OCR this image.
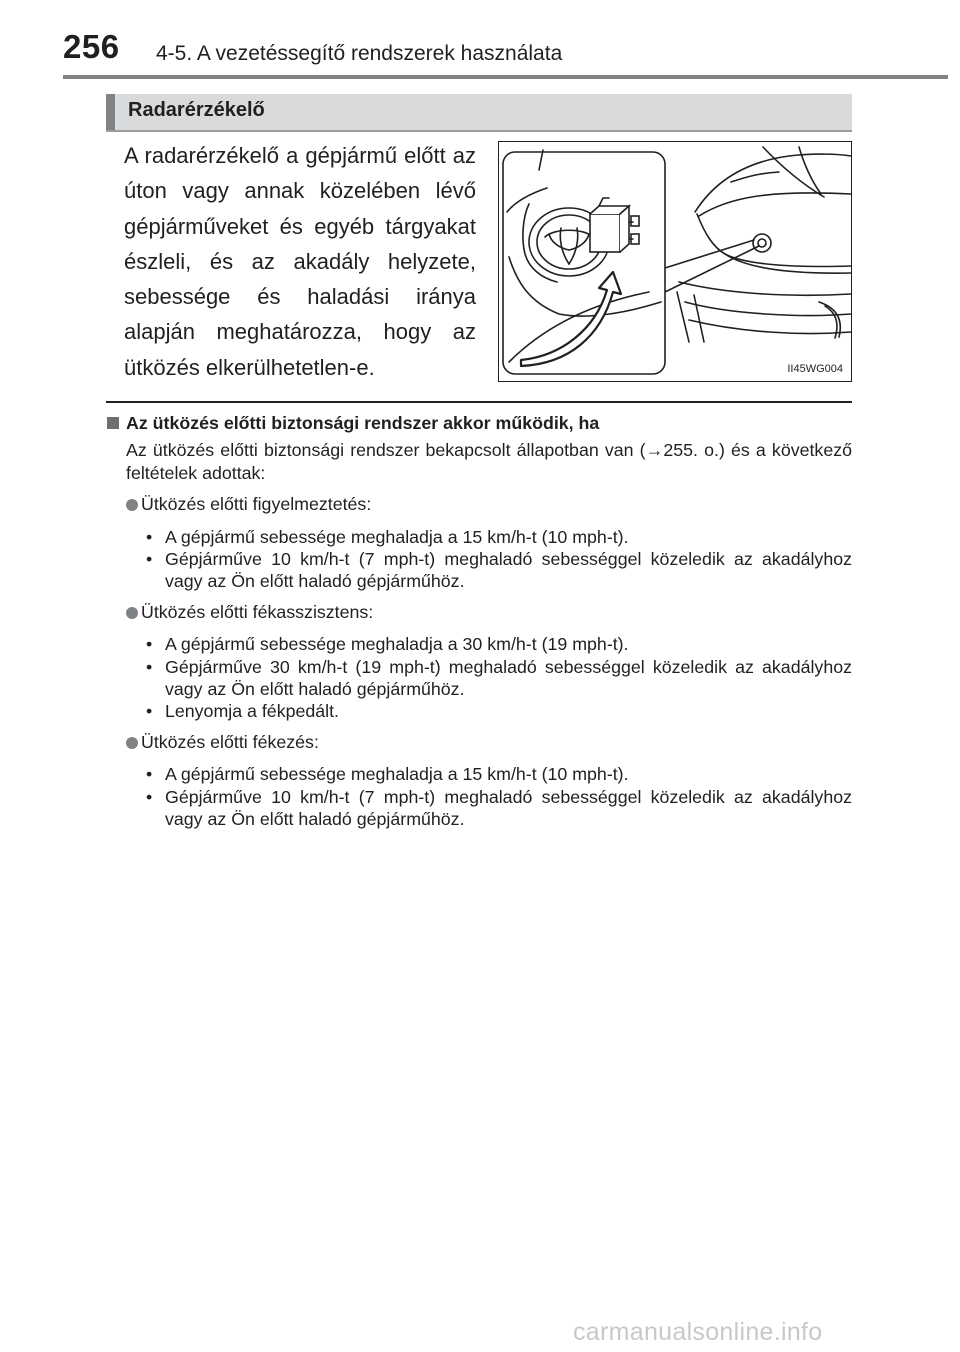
256 4-5. A vezetéssegítő rendszerek használata
Radarérzékelő
A radarérzékelő a gépjármű előtt az úton vagy annak közelében lévő gépjárműveket és egyéb tárgyakat észleli, és az akadály helyzete, sebessége és haladási iránya alapján meghatározza, hogy az ütközés elkerülhetetlen-e.	II45WG004
Az ütközés előtti biztonsági rendszer akkor működik, ha
Az ütközés előtti biztonsági rendszer bekapcsolt állapotban van (→255. o.) és a következő feltételek adottak:
Ütközés előtti figyelmeztetés:
• A gépjármű sebessége meghaladja a 15 km/h-t (10 mph-t).
• Gépjárműve 10 km/h-t (7 mph-t) meghaladó sebességgel közeledik az akadályhoz vagy az Ön előtt haladó gépjárműhöz.
Ütközés előtti fékasszisztens:
• A gépjármű sebessége meghaladja a 30 km/h-t (19 mph-t).
• Gépjárműve 30 km/h-t (19 mph-t) meghaladó sebességgel közeledik az akadályhoz vagy az Ön előtt haladó gépjárműhöz.
• Lenyomja a fékpedált.
Ütközés előtti fékezés:
• A gépjármű sebessége meghaladja a 15 km/h-t (10 mph-t).
• Gépjárműve 10 km/h-t (7 mph-t) meghaladó sebességgel közeledik az akadályhoz vagy az Ön előtt haladó gépjárműhöz.
carmanualsonline.info
